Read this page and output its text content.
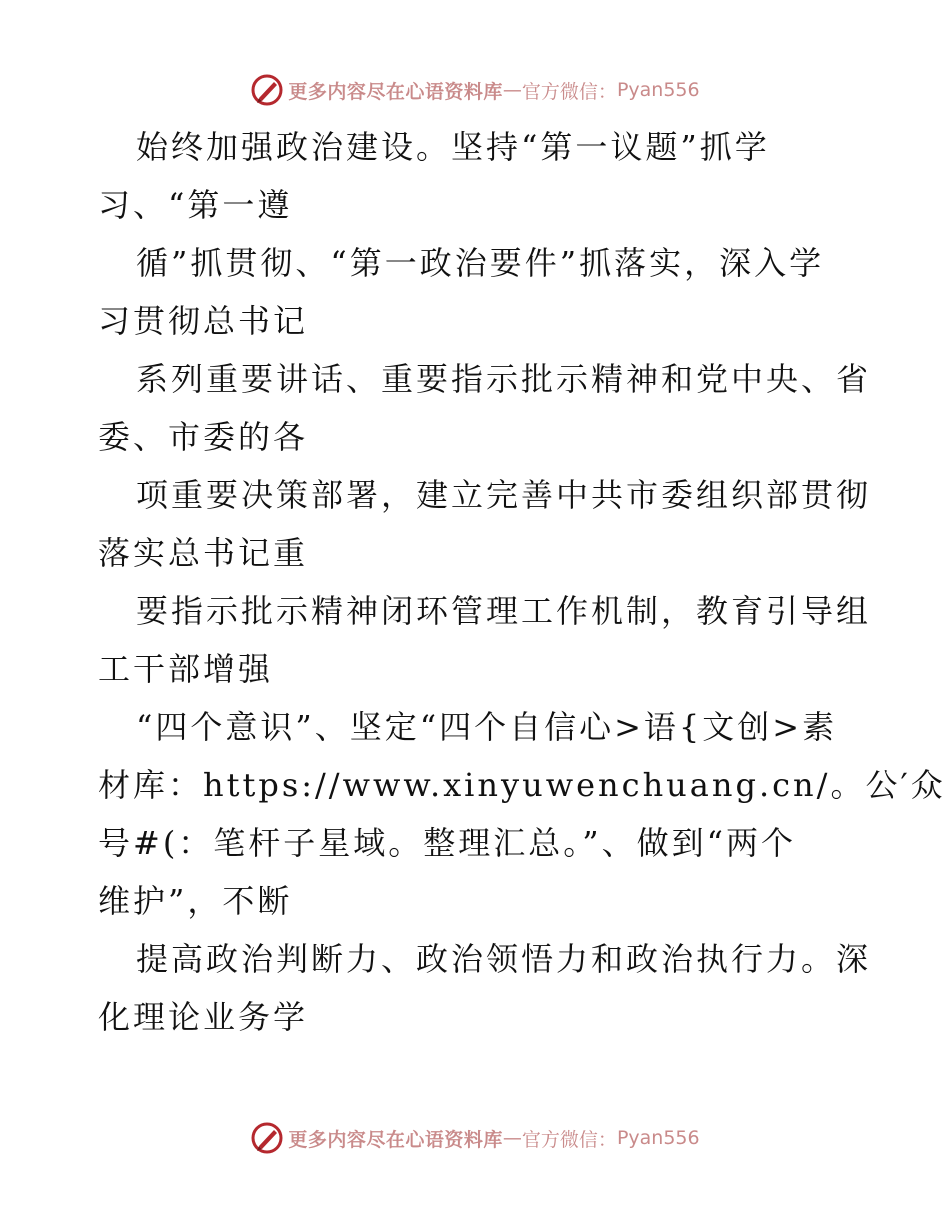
更多内容尽在心语资料库 — 官方微信： Pyan556
始终加强政治建设。坚持“第一议题”抓学
习、“第一遵
循”抓贯彻、“第一政治要件”抓落实，深入学
习贯彻总书记
系列重要讲话、重要指示批示精神和党中央、省
委、市委的各
项重要决策部署，建立完善中共市委组织部贯彻
落实总书记重
要指示批示精神闭环管理工作机制，教育引导组
工干部增强
“四个意识”、坚定“四个自信心>语{文创>素
材库：https://www.xinyuwenchuang.cn/。公′众
号#(：笔杆子星域。整理汇总。”、做到“两个
维护”，不断
提高政治判断力、政治领悟力和政治执行力。深
化理论业务学
更多内容尽在心语资料库 — 官方微信： Pyan556
